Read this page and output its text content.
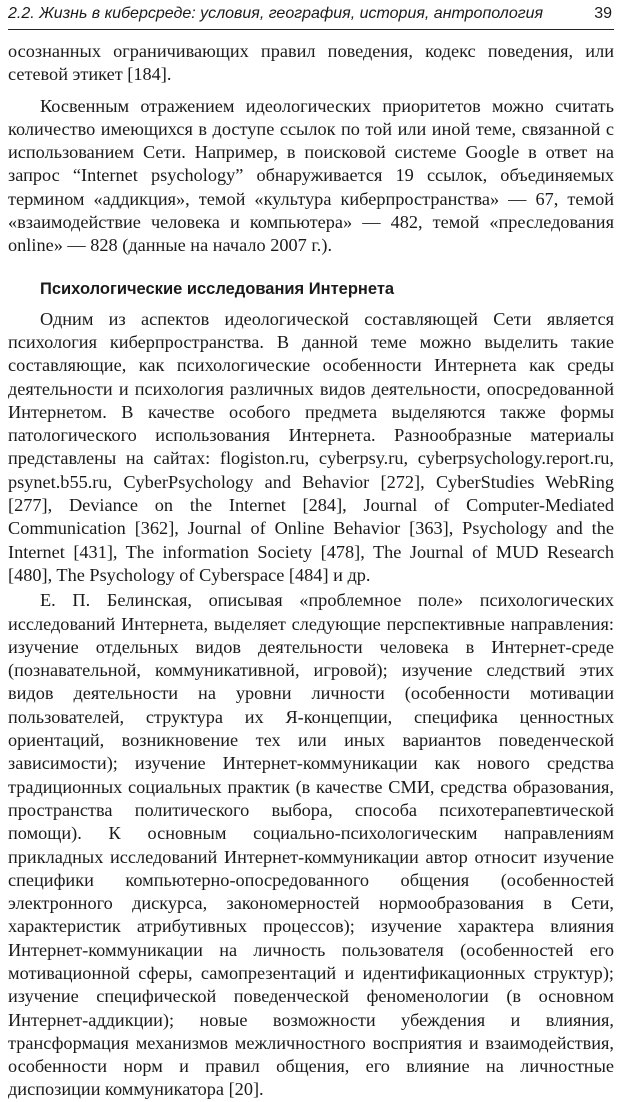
2.2. Жизнь в киберсреде: условия, география, история, антропология	39

осознанных ограничивающих правил поведения, кодекс поведения, или сетевой этикет [184].

Косвенным отражением идеологических приоритетов можно считать количество имеющихся в доступе ссылок по той или иной теме, связанной с использованием Сети. Например, в поисковой системе Google в ответ на запрос “Internet psychology” обнаруживается 19 ссылок, объединяемых термином «аддикция», темой «культура киберпространства» — 67, темой «взаимодействие человека и компьютера» — 482, темой «преследования online» — 828 (данные на начало 2007 г.).

Психологические исследования Интернета

Одним из аспектов идеологической составляющей Сети является психология киберпространства. В данной теме можно выделить такие составляющие, как психологические особенности Интернета как среды деятельности и психология различных видов деятельности, опосредованной Интернетом. В качестве особого предмета выделяются также формы патологического использования Интернета. Разнообразные материалы представлены на сайтах: flogiston.ru, cyberpsy.ru, cyberpsychology.report.ru, psynet.b55.ru, CyberPsychology and Behavior [272], CyberStudies WebRing [277], Deviance on the Internet [284], Journal of Computer-Mediated Communication [362], Journal of Online Behavior [363], Psychology and the Internet [431], The information Society [478], The Journal of MUD Research [480], The Psychology of Cyberspace [484] и др.

Е. П. Белинская, описывая «проблемное поле» психологических исследований Интернета, выделяет следующие перспективные направления: изучение отдельных видов деятельности человека в Интернет-среде (познавательной, коммуникативной, игровой); изучение следствий этих видов деятельности на уровни личности (особенности мотивации пользователей, структура их Я-концепции, специфика ценностных ориентаций, возникновение тех или иных вариантов поведенческой зависимости); изучение Интернет-коммуникации как нового средства традиционных социальных практик (в качестве СМИ, средства образования, пространства политического выбора, способа психотерапевтической помощи). К основным социально-психологическим направлениям прикладных исследований Интернет-коммуникации автор относит изучение специфики компьютерно-опосредованного общения (особенностей электронного дискурса, закономерностей нормообразования в Сети, характеристик атрибутивных процессов); изучение характера влияния Интернет-коммуникации на личность пользователя (особенностей его мотивационной сферы, самопрезентаций и идентификационных структур); изучение специфической поведенческой феноменологии (в основном Интернет-аддикции); новые возможности убеждения и влияния, трансформация механизмов межличностного восприятия и взаимодействия, особенности норм и правил общения, его влияние на личностные диспозиции коммуникатора [20].
